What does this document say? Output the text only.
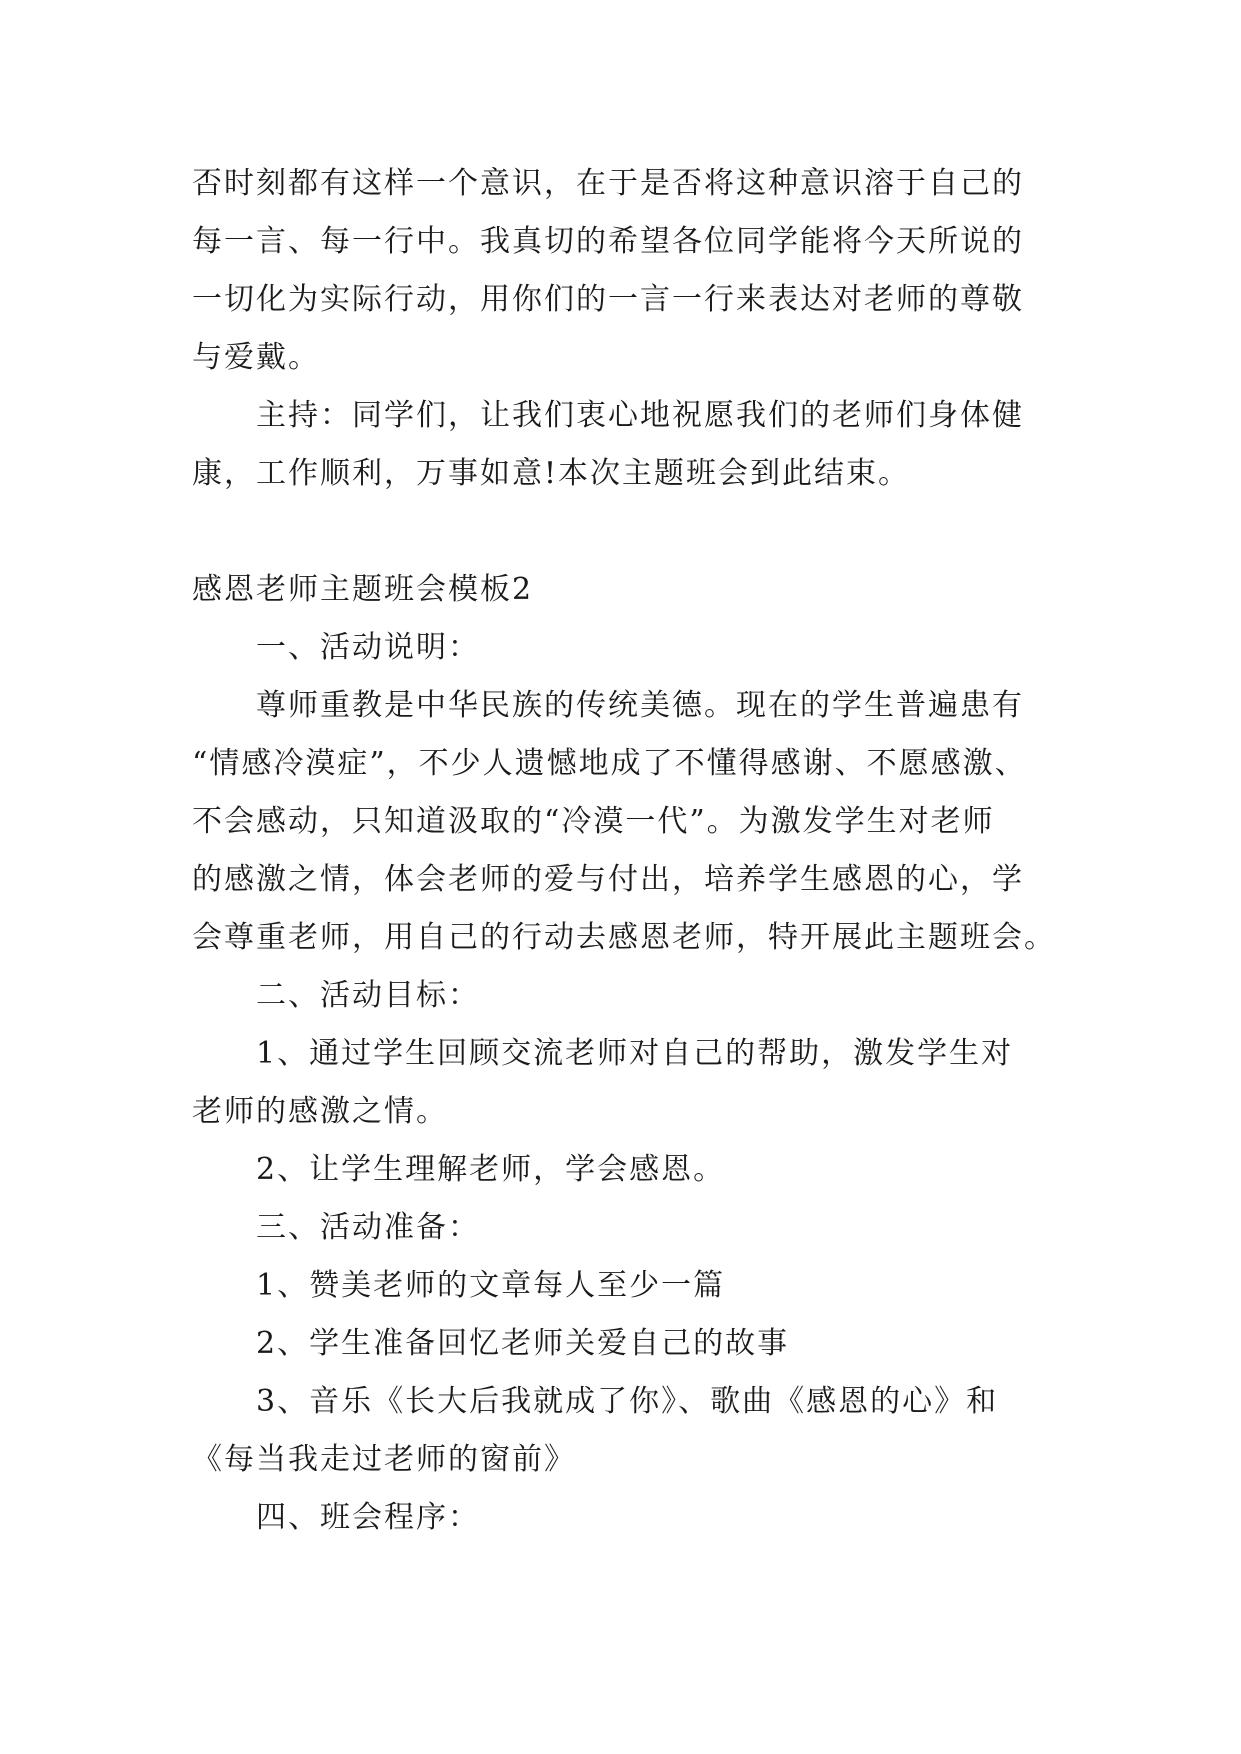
否时刻都有这样一个意识，在于是否将这种意识溶于自己的
每一言、每一行中。我真切的希望各位同学能将今天所说的
一切化为实际行动，用你们的一言一行来表达对老师的尊敬
与爱戴。
主持：同学们，让我们衷心地祝愿我们的老师们身体健
康，工作顺利，万事如意!本次主题班会到此结束。
感恩老师主题班会模板2
一、活动说明：
尊师重教是中华民族的传统美德。现在的学生普遍患有
“情感冷漠症”，不少人遗憾地成了不懂得感谢、不愿感激、
不会感动，只知道汲取的“冷漠一代”。为激发学生对老师
的感激之情，体会老师的爱与付出，培养学生感恩的心，学
会尊重老师，用自己的行动去感恩老师，特开展此主题班会。
二、活动目标：
1、通过学生回顾交流老师对自己的帮助，激发学生对
老师的感激之情。
2、让学生理解老师，学会感恩。
三、活动准备：
1、赞美老师的文章每人至少一篇
2、学生准备回忆老师关爱自己的故事
3、音乐《长大后我就成了你》、歌曲《感恩的心》和
《每当我走过老师的窗前》
四、班会程序：
